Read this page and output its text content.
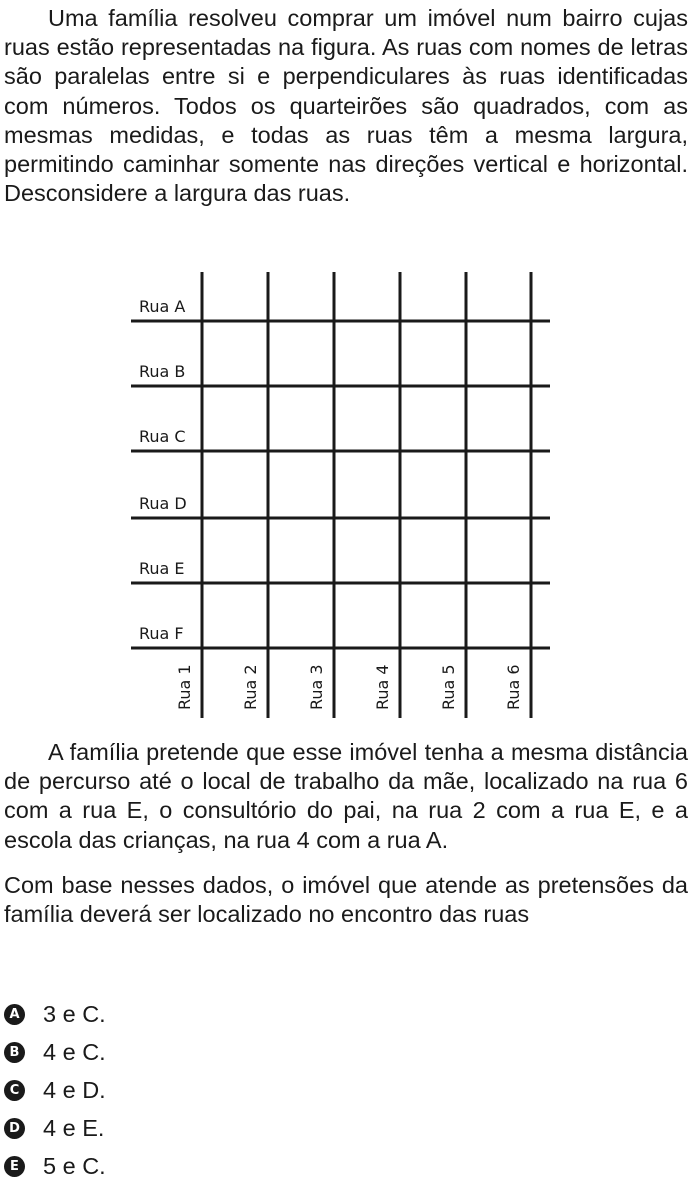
Uma família resolveu comprar um imóvel num bairro cujas ruas estão representadas na figura. As ruas com nomes de letras são paralelas entre si e perpendiculares às ruas identificadas com números. Todos os quarteirões são quadrados, com as mesmas medidas, e todas as ruas têm a mesma largura, permitindo caminhar somente nas direções vertical e horizontal. Desconsidere a largura das ruas.

Rua A
Rua B
Rua C
Rua D
Rua E
Rua F
Rua 1	Rua 2	Rua 3	Rua 4	Rua 5	Rua 6

A família pretende que esse imóvel tenha a mesma distância de percurso até o local de trabalho da mãe, localizado na rua 6 com a rua E, o consultório do pai, na rua 2 com a rua E, e a escola das crianças, na rua 4 com a rua A.

Com base nesses dados, o imóvel que atende as pretensões da família deverá ser localizado no encontro das ruas

A 3 e C.
B 4 e C.
C 4 e D.
D 4 e E.
E 5 e C.
